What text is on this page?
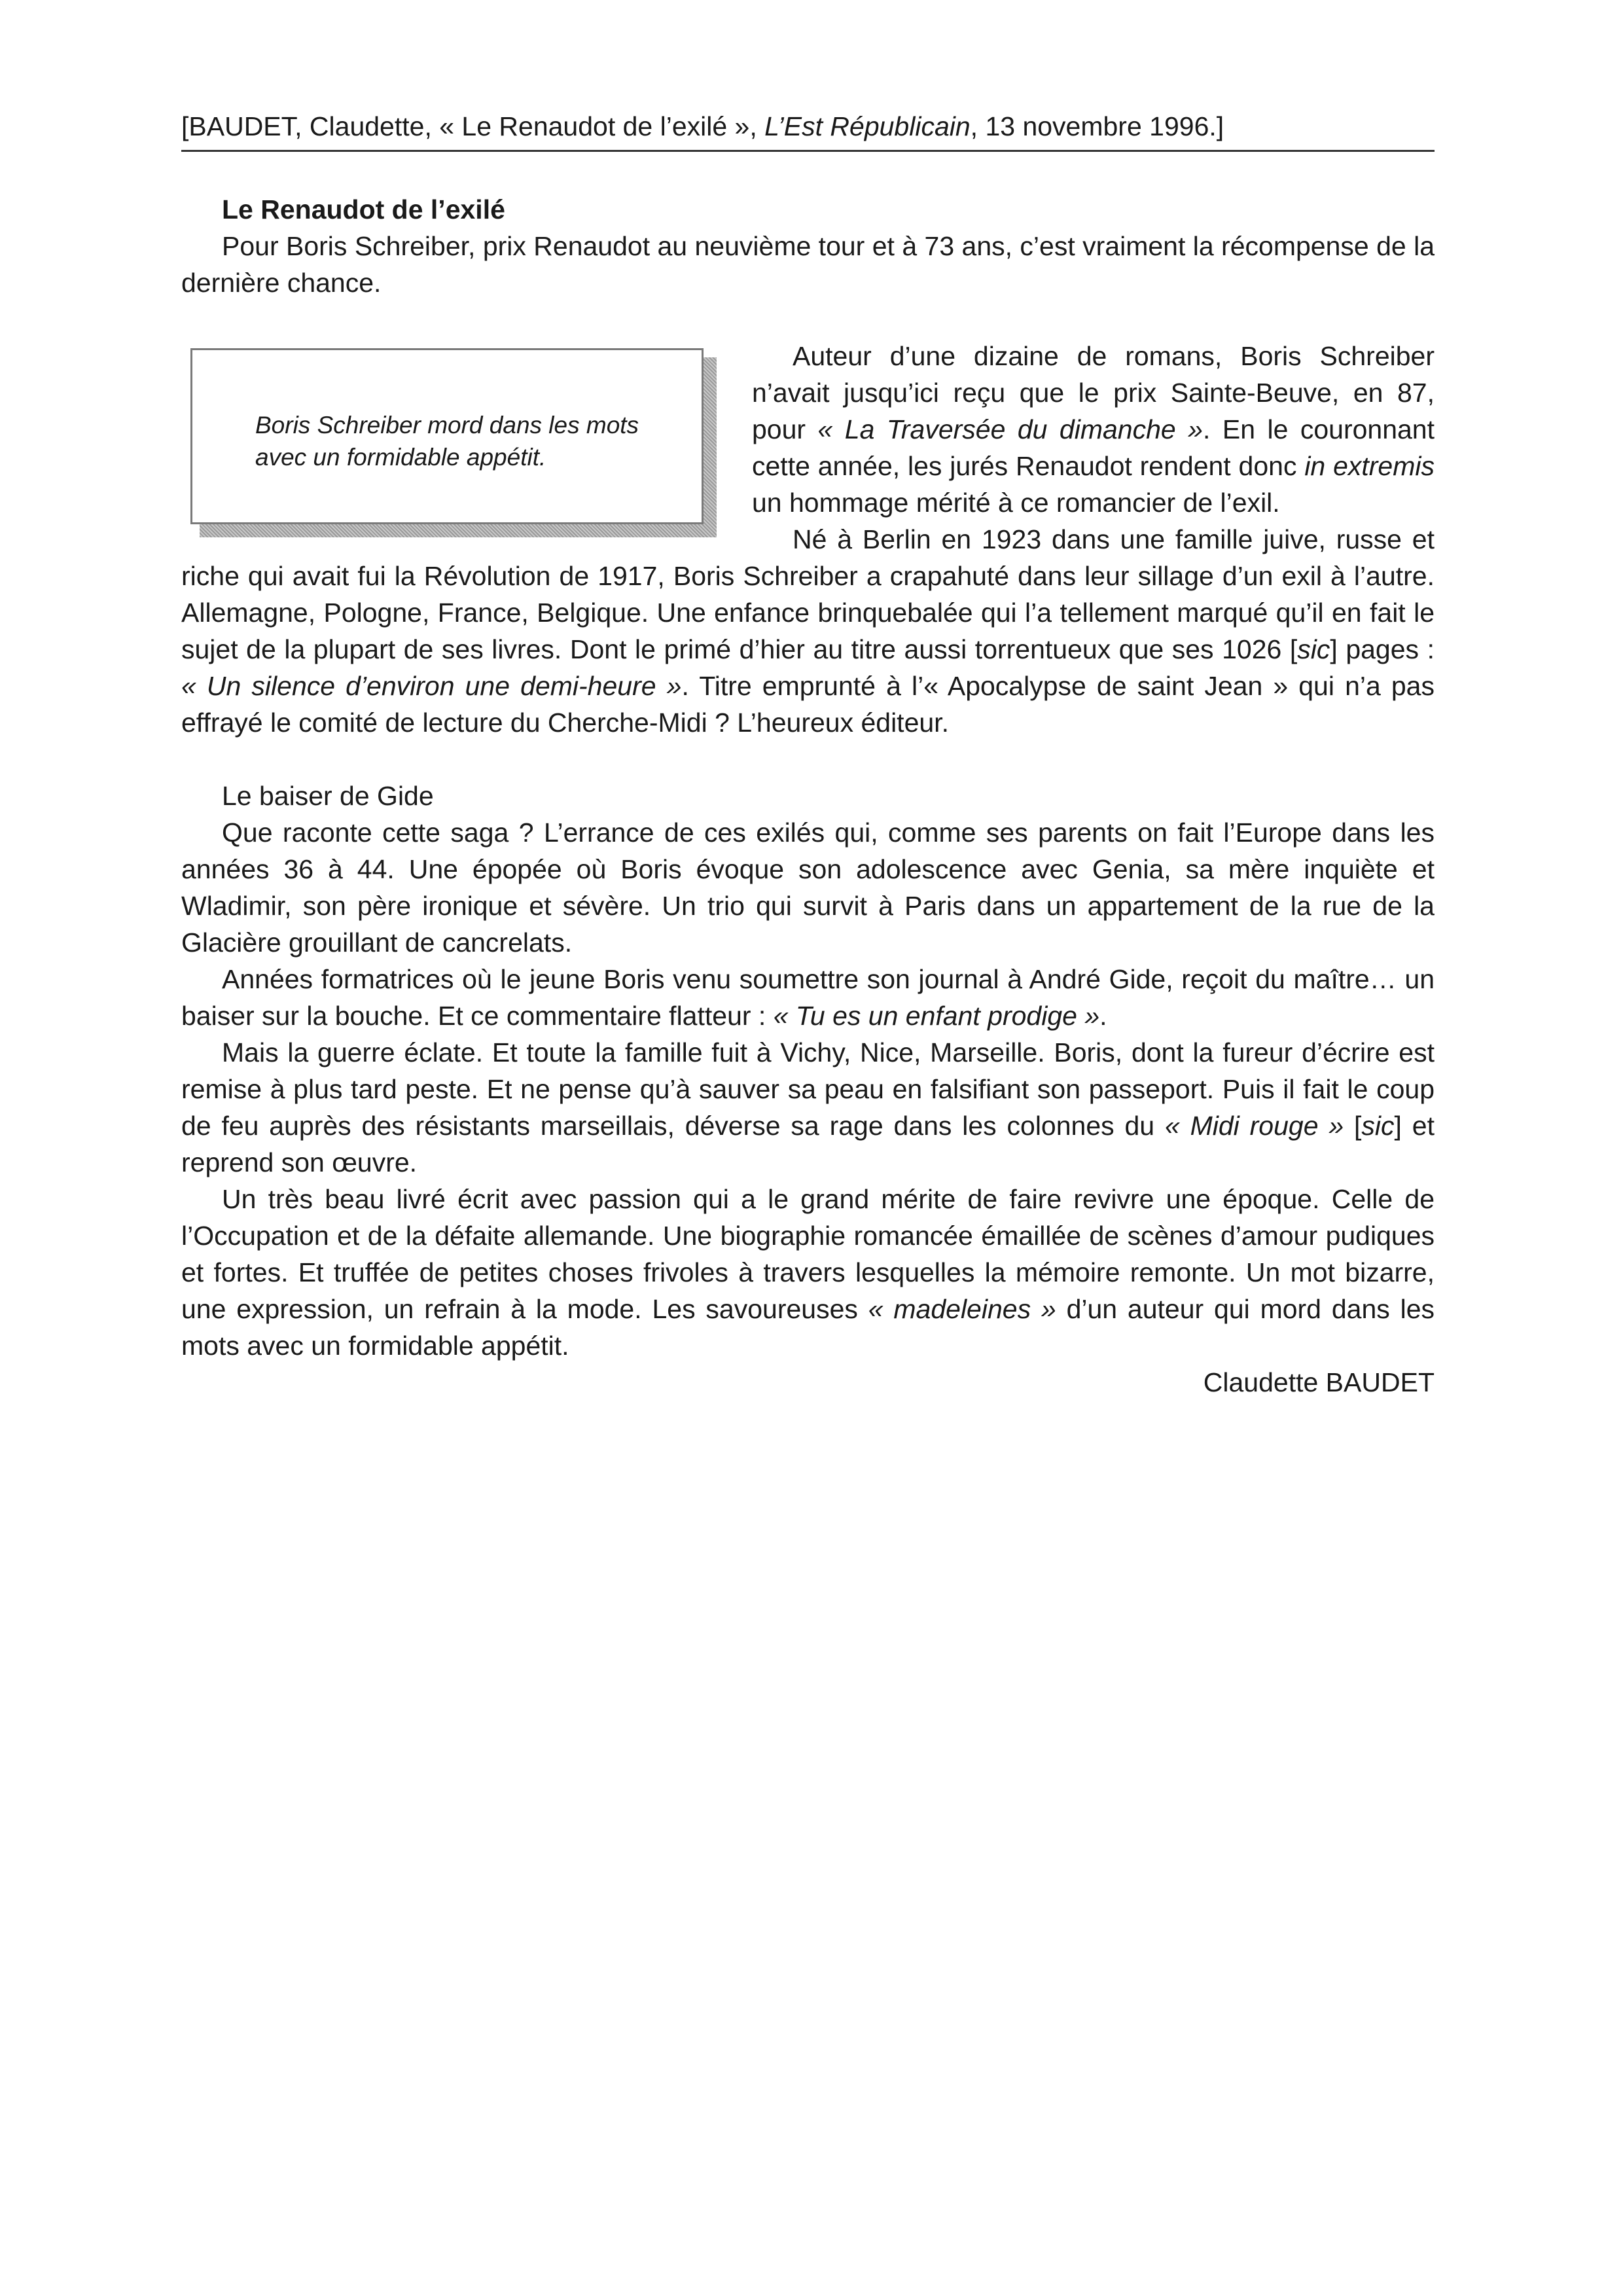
[BAUDET, Claudette, « Le Renaudot de l’exilé », L’Est Républicain, 13 novembre 1996.]

Le Renaudot de l’exilé

Pour Boris Schreiber, prix Renaudot au neuvième tour et à 73 ans, c’est vraiment la récompense de la dernière chance.

Boris Schreiber mord dans les mots avec un formidable appétit.

Auteur d’une dizaine de romans, Boris Schreiber n’avait jusqu’ici reçu que le prix Sainte-Beuve, en 87, pour « La Traversée du dimanche ». En le couronnant cette année, les jurés Renaudot rendent donc in extremis un hommage mérité à ce romancier de l’exil.

Né à Berlin en 1923 dans une famille juive, russe et riche qui avait fui la Révolution de 1917, Boris Schreiber a crapahuté dans leur sillage d’un exil à l’autre. Allemagne, Pologne, France, Belgique. Une enfance brinquebalée qui l’a tellement marqué qu’il en fait le sujet de la plupart de ses livres. Dont le primé d’hier au titre aussi torrentueux que ses 1026 [sic] pages : « Un silence d’environ une demi-heure ». Titre emprunté à l’« Apocalypse de saint Jean » qui n’a pas effrayé le comité de lecture du Cherche-Midi ? L’heureux éditeur.

Le baiser de Gide

Que raconte cette saga ? L’errance de ces exilés qui, comme ses parents on fait l’Europe dans les années 36 à 44. Une épopée où Boris évoque son adolescence avec Genia, sa mère inquiète et Wladimir, son père ironique et sévère. Un trio qui survit à Paris dans un appartement de la rue de la Glacière grouillant de cancrelats.

Années formatrices où le jeune Boris venu soumettre son journal à André Gide, reçoit du maître… un baiser sur la bouche. Et ce commentaire flatteur : « Tu es un enfant prodige ».

Mais la guerre éclate. Et toute la famille fuit à Vichy, Nice, Marseille. Boris, dont la fureur d’écrire est remise à plus tard peste. Et ne pense qu’à sauver sa peau en falsifiant son passeport. Puis il fait le coup de feu auprès des résistants marseillais, déverse sa rage dans les colonnes du « Midi rouge » [sic] et reprend son œuvre.

Un très beau livré écrit avec passion qui a le grand mérite de faire revivre une époque. Celle de l’Occupation et de la défaite allemande. Une biographie romancée émaillée de scènes d’amour pudiques et fortes. Et truffée de petites choses frivoles à travers lesquelles la mémoire remonte. Un mot bizarre, une expression, un refrain à la mode. Les savoureuses « madeleines » d’un auteur qui mord dans les mots avec un formidable appétit.

Claudette BAUDET
